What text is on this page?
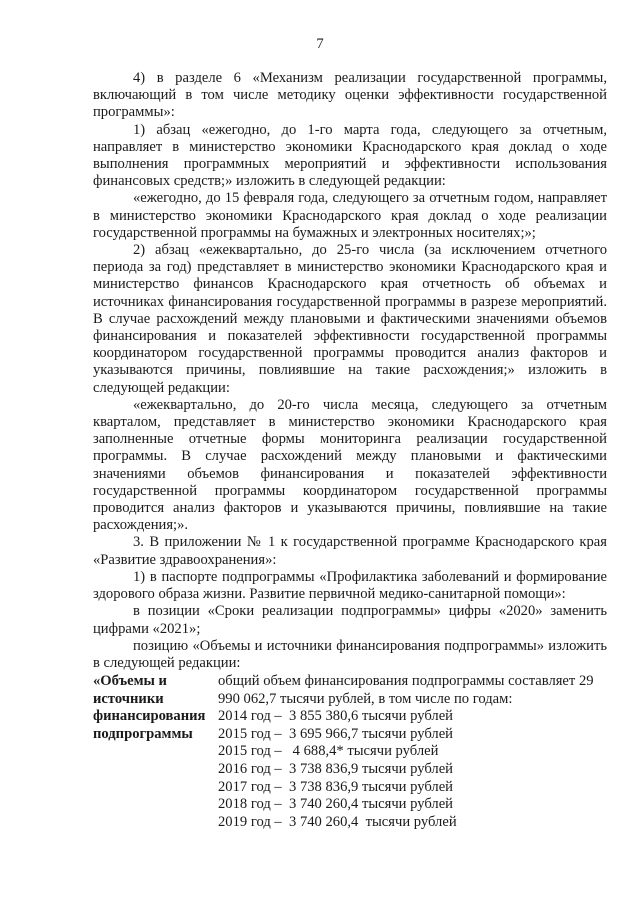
7

4) в разделе 6 «Механизм реализации государственной программы, включающий в том числе методику оценки эффективности государственной программы»:

1) абзац «ежегодно, до 1-го марта года, следующего за отчетным, направляет в министерство экономики Краснодарского края доклад о ходе выполнения программных мероприятий и эффективности использования финансовых средств;» изложить в следующей редакции:

«ежегодно, до 15 февраля года, следующего за отчетным годом, направляет в министерство экономики Краснодарского края доклад о ходе реализации государственной программы на бумажных и электронных носителях;»;

2) абзац «ежеквартально, до 25-го числа (за исключением отчетного периода за год) представляет в министерство экономики Краснодарского края и министерство финансов Краснодарского края отчетность об объемах и источниках финансирования государственной программы в разрезе мероприятий. В случае расхождений между плановыми и фактическими значениями объемов финансирования и показателей эффективности государственной программы координатором государственной программы проводится анализ факторов и указываются причины, повлиявшие на такие расхождения;» изложить в следующей редакции:

«ежеквартально, до 20-го числа месяца, следующего за отчетным кварталом, представляет в министерство экономики Краснодарского края заполненные отчетные формы мониторинга реализации государственной программы. В случае расхождений между плановыми и фактическими значениями объемов финансирования и показателей эффективности государственной программы координатором государственной программы проводится анализ факторов и указываются причины, повлиявшие на такие расхождения;».

3. В приложении № 1 к государственной программе Краснодарского края «Развитие здравоохранения»:

1) в паспорте подпрограммы «Профилактика заболеваний и формирование здорового образа жизни. Развитие первичной медико-санитарной помощи»:

в позиции «Сроки реализации подпрограммы» цифры «2020» заменить цифрами «2021»;

позицию «Объемы и источники финансирования подпрограммы» изложить в следующей редакции:

«Объемы и источники финансирования подпрограммы
общий объем финансирования подпрограммы составляет 29 990 062,7 тысячи рублей, в том числе по годам:
2014 год –  3 855 380,6 тысячи рублей
2015 год –  3 695 966,7 тысячи рублей
2015 год –   4 688,4* тысячи рублей
2016 год –  3 738 836,9 тысячи рублей
2017 год –  3 738 836,9 тысячи рублей
2018 год –  3 740 260,4 тысячи рублей
2019 год –  3 740 260,4  тысячи рублей
